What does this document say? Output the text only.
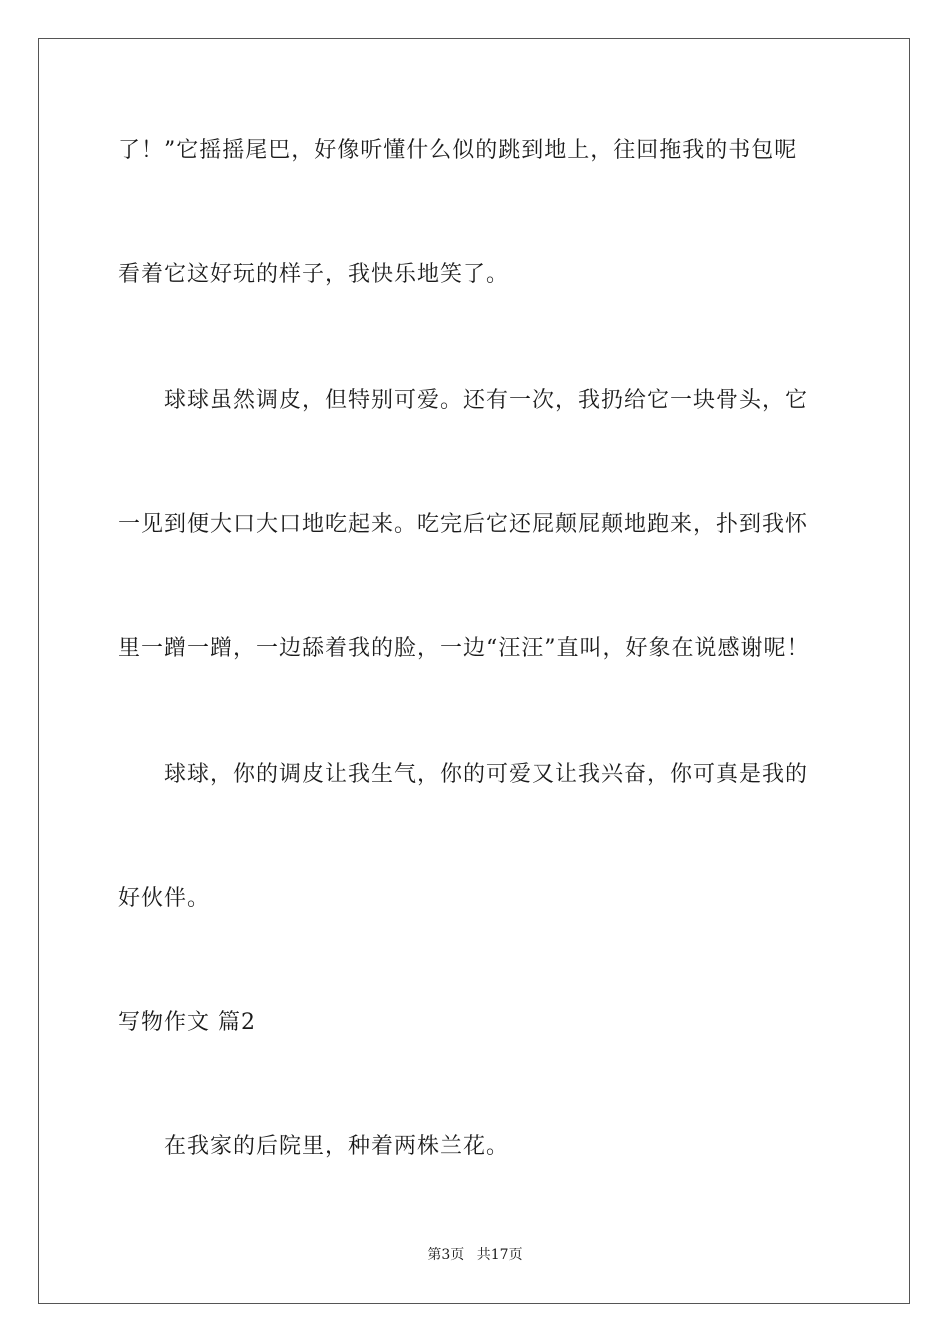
了！”它摇摇尾巴，好像听懂什么似的跳到地上，往回拖我的书包呢
看着它这好玩的样子，我快乐地笑了。
球球虽然调皮，但特别可爱。还有一次，我扔给它一块骨头，它
一见到便大口大口地吃起来。吃完后它还屁颠屁颠地跑来，扑到我怀
里一蹭一蹭，一边舔着我的脸，一边“汪汪”直叫，好象在说感谢呢！
球球，你的调皮让我生气，你的可爱又让我兴奋，你可真是我的
好伙伴。
写物作文 篇2
在我家的后院里，种着两株兰花。
第3页 共17页
